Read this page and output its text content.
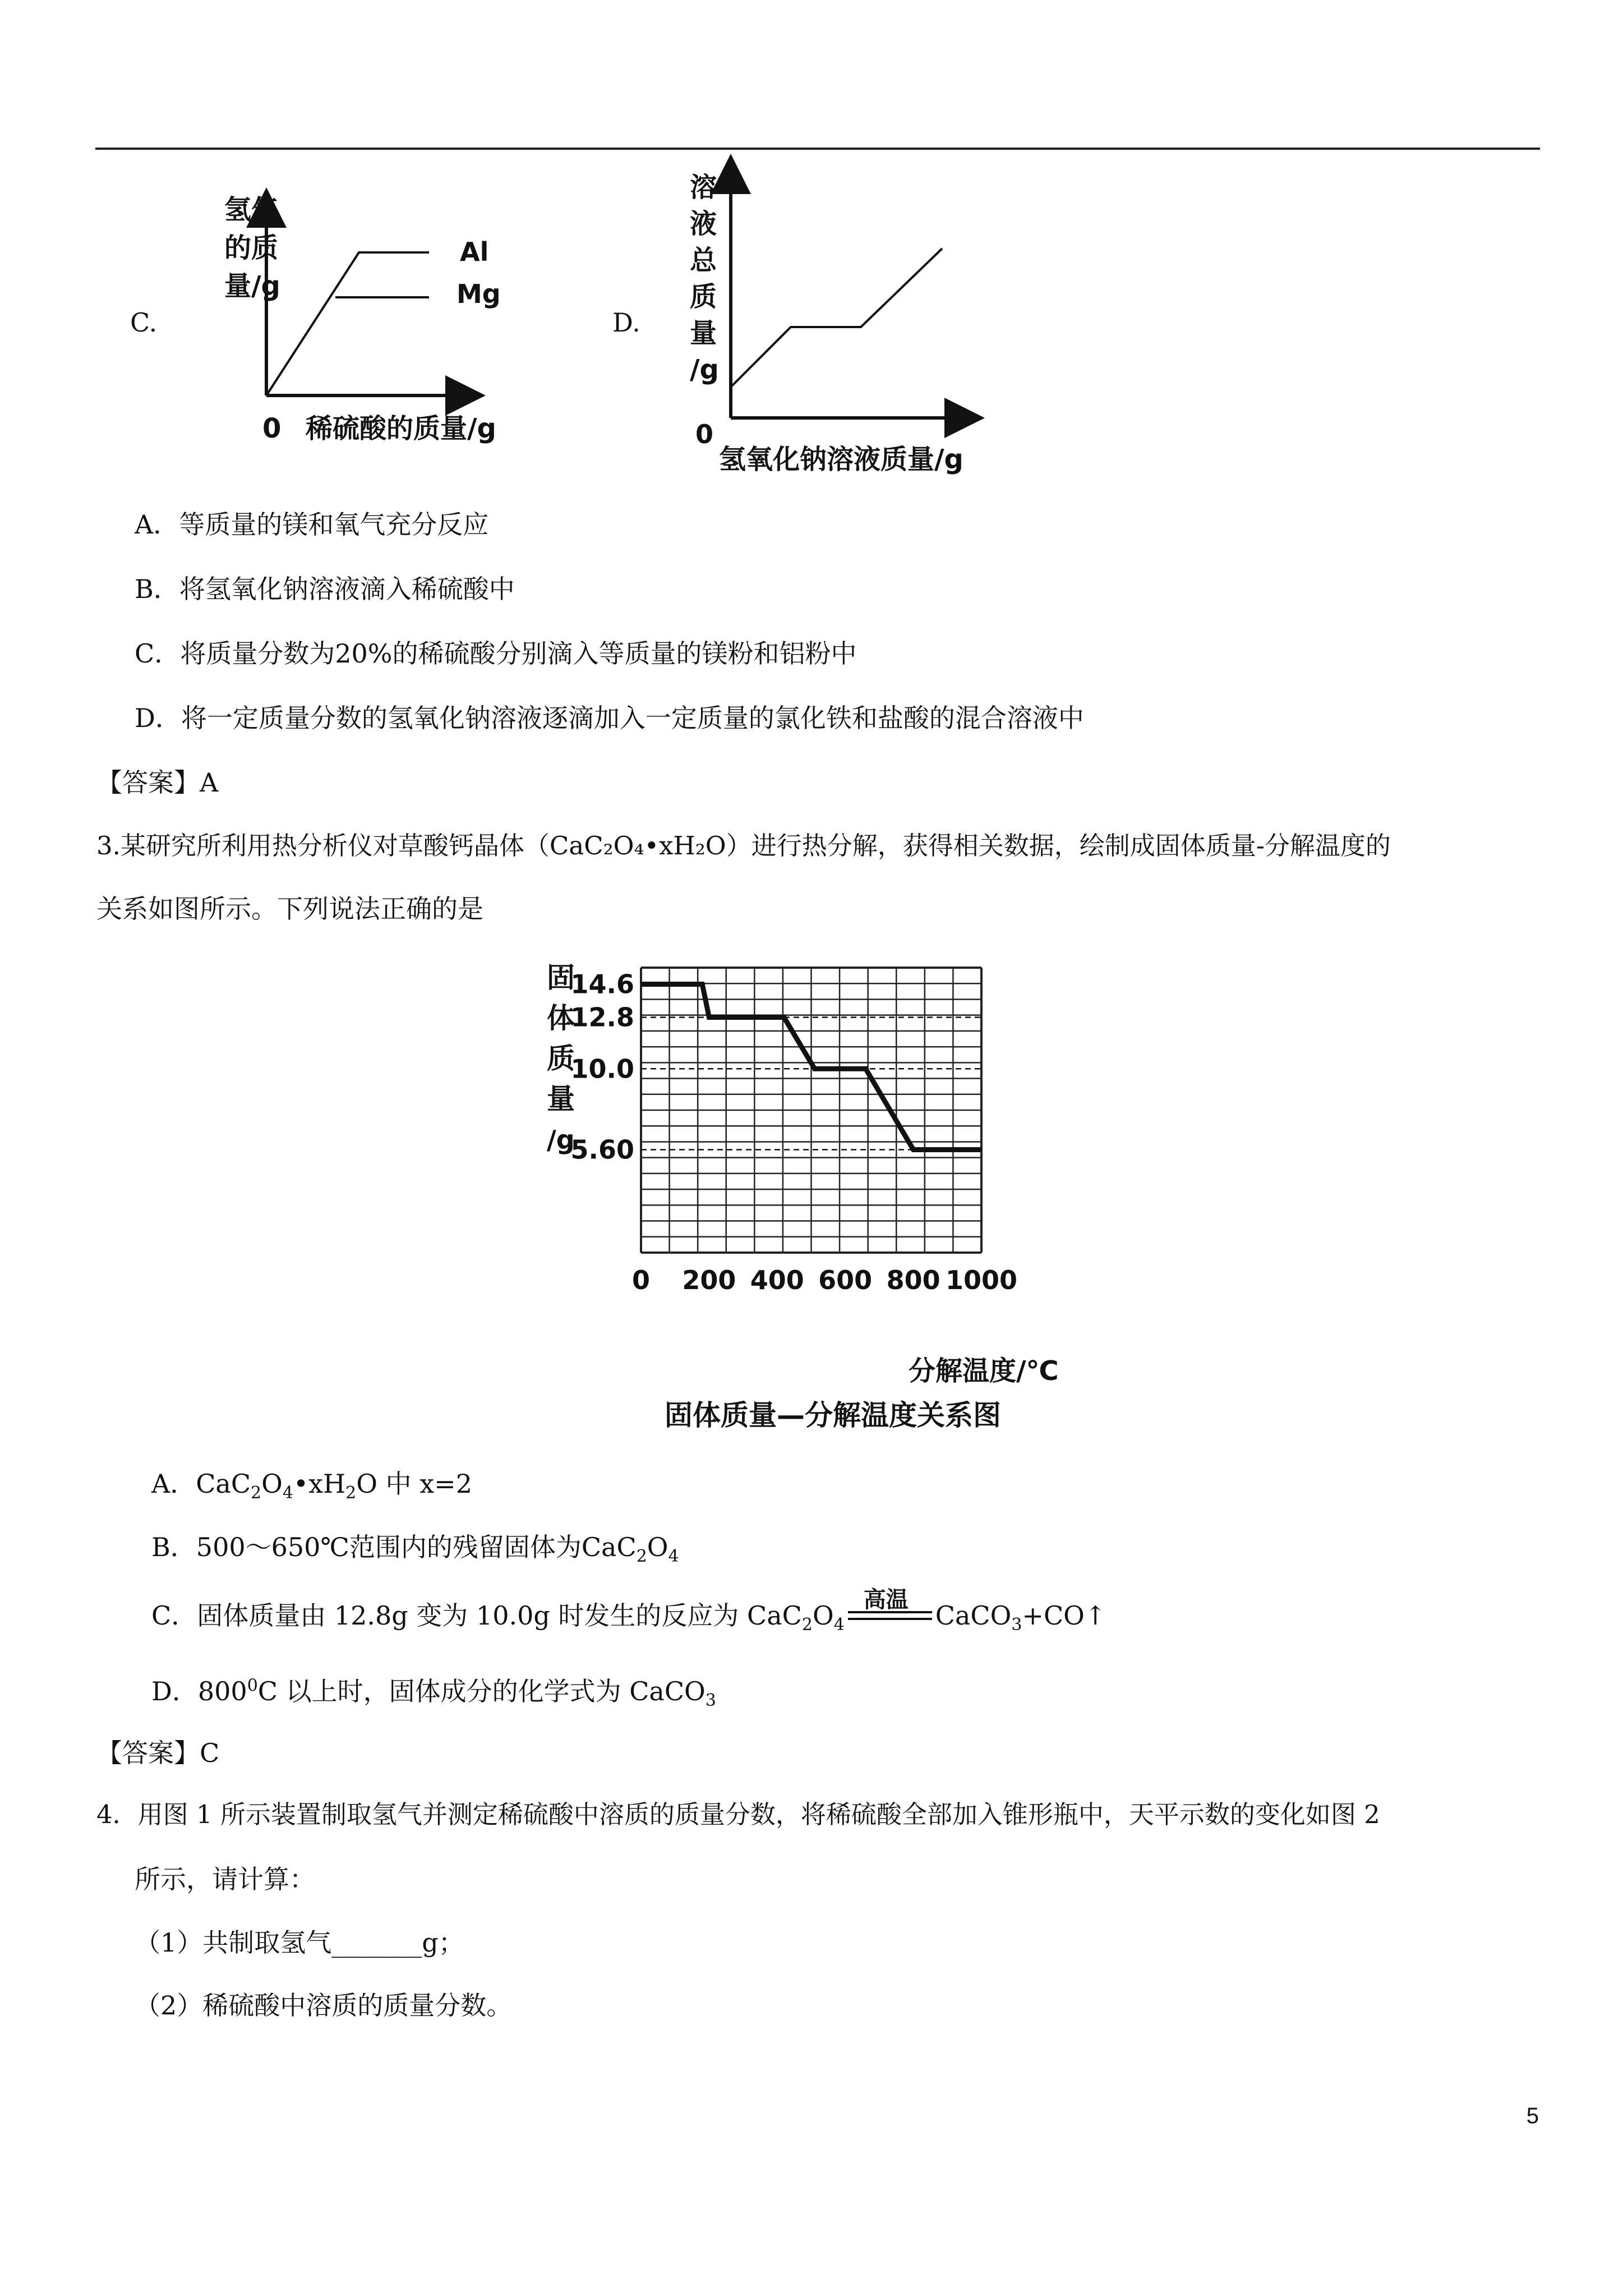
C.	D.
氢气
的质
量/g
0 稀硫酸的质量/g
Al
Mg
溶
液
总
质
量
/g
0
氢氧化钠溶液质量/g
A．等质量的镁和氧气充分反应
B．将氢氧化钠溶液滴入稀硫酸中
C．将质量分数为20%的稀硫酸分别滴入等质量的镁粉和铝粉中
D．将一定质量分数的氢氧化钠溶液逐滴加入一定质量的氯化铁和盐酸的混合溶液中
【答案】A
3.某研究所利用热分析仪对草酸钙晶体（CaC₂O₄•xH₂O）进行热分解，获得相关数据，绘制成固体质量-分解温度的
关系如图所示。下列说法正确的是
14.6
12.8
10.0
5.60
0 200 400 600 800 1000
固
体
质
量
/g
分解温度/℃
固体质量—分解温度关系图
A．$CaC_2O_4•xH_2O$ 中 x=2
B．500～650℃范围内的残留固体为$CaC_2O_4$
C．固体质量由 12.8g 变为 10.0g 时发生的反应为 $CaC_2O_4$
高温
CaCO$_3$+CO↑
D．$800^0C$ 以上时，固体成分的化学式为 CaCO$_3$
【答案】C
4．用图 1 所示装置制取氢气并测定稀硫酸中溶质的质量分数，将稀硫酸全部加入锥形瓶中，天平示数的变化如图 2
所示，请计算：
（1）共制取氢气_______g；
（2）稀硫酸中溶质的质量分数。
5
